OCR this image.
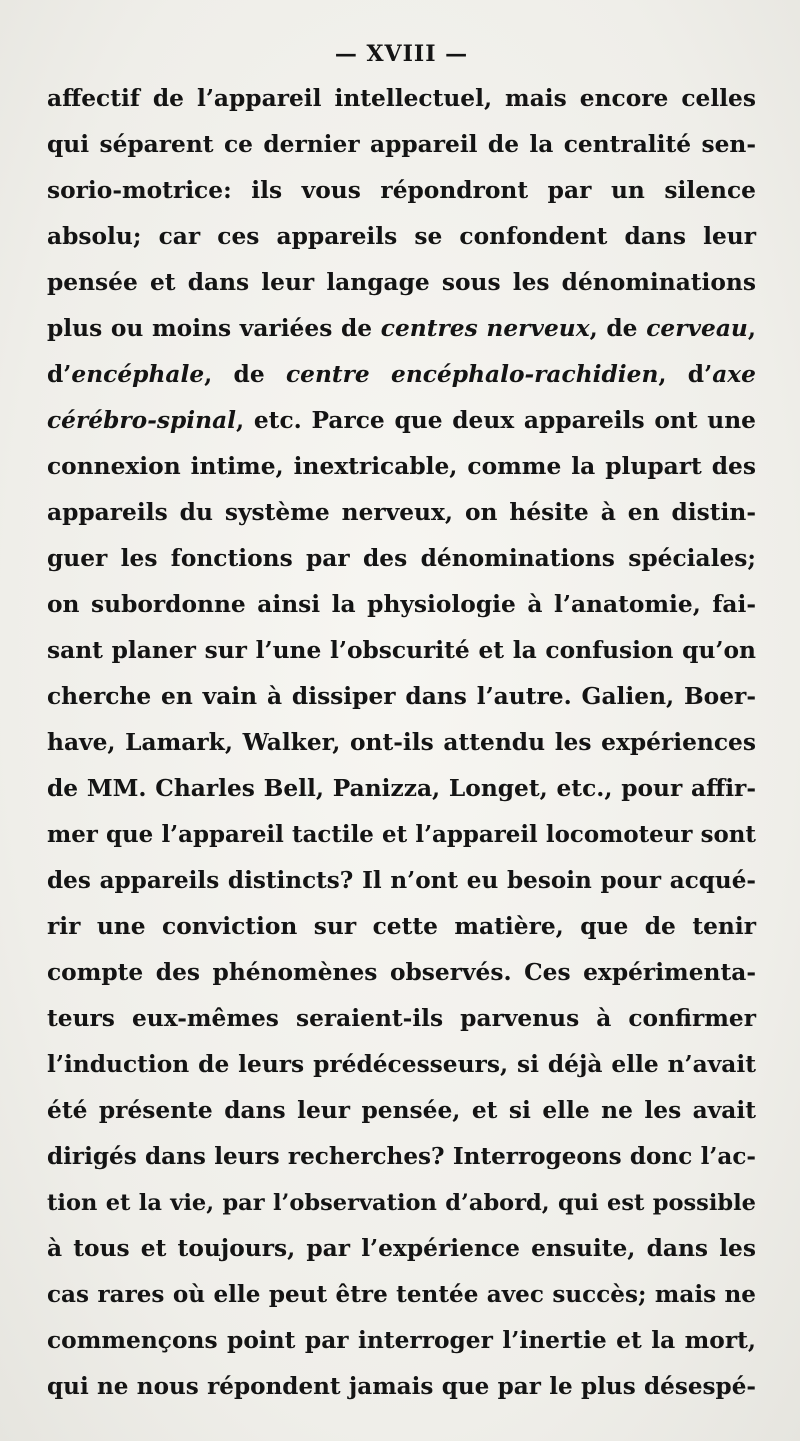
— XVIII —
affectif de l’appareil intellectuel, mais encore celles
qui séparent ce dernier appareil de la centralité sen-
sorio-motrice: ils vous répondront par un silence
absolu; car ces appareils se confondent dans leur
pensée et dans leur langage sous les dénominations
plus ou moins variées de centres nerveux, de cerveau,
d’encéphale, de centre encéphalo-rachidien, d’axe
cérébro-spinal, etc. Parce que deux appareils ont une
connexion intime, inextricable, comme la plupart des
appareils du système nerveux, on hésite à en distin-
guer les fonctions par des dénominations spéciales;
on subordonne ainsi la physiologie à l’anatomie, fai-
sant planer sur l’une l’obscurité et la confusion qu’on
cherche en vain à dissiper dans l’autre. Galien, Boer-
have, Lamark, Walker, ont-ils attendu les expériences
de MM. Charles Bell, Panizza, Longet, etc., pour affir-
mer que l’appareil tactile et l’appareil locomoteur sont
des appareils distincts? Il n’ont eu besoin pour acqué-
rir une conviction sur cette matière, que de tenir
compte des phénomènes observés. Ces expérimenta-
teurs eux-mêmes seraient-ils parvenus à confirmer
l’induction de leurs prédécesseurs, si déjà elle n’avait
été présente dans leur pensée, et si elle ne les avait
dirigés dans leurs recherches? Interrogeons donc l’ac-
tion et la vie, par l’observation d’abord, qui est possible
à tous et toujours, par l’expérience ensuite, dans les
cas rares où elle peut être tentée avec succès; mais ne
commençons point par interroger l’inertie et la mort,
qui ne nous répondent jamais que par le plus désespé-
